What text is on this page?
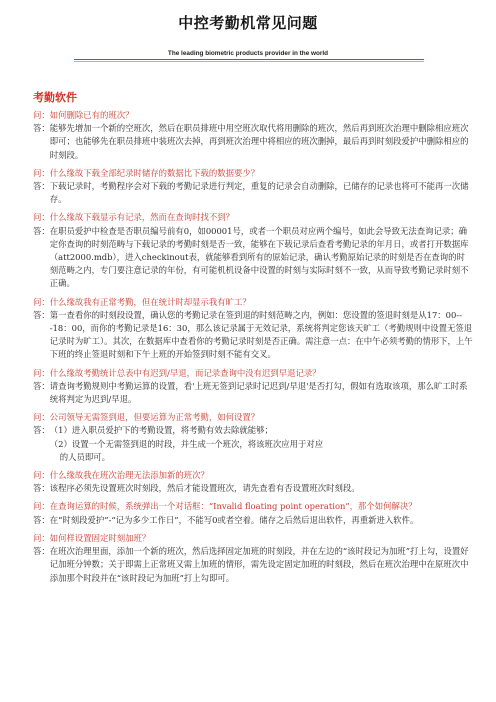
中控考勤机常见问题
The leading biometric products provider in the world
考勤软件
问： 如何删除已有的班次？
答： 能够先增加一个新的空班次，然后在职员排班中用空班次取代将用删除的班次，然后再到班次治理中删除相应班次即可；也能够先在职员排班中装班次去掉，再到班次治理中将相应的班次删掉，最后再到时刻段爱护中删除相应的时刻段。
问： 什么缘故下载全部纪录时储存的数据比下载的数据要少？
答： 下载记录时，考勤程序会对下载的考勤记录进行判定，重复的记录会自动删除，已储存的记录也将可不能再一次储存。
问： 什么缘故下载显示有记录，然而在查询时找不到？
答： 在职员爱护中检查是否职员编号前有0，如00001号，或者一个职员对应两个编号，如此会导致无法查询记录；确定你查询的时刻范畴与下载记录的考勤时刻是否一致，能够在下载记录后查看考勤记录的年月日，或者打开数据库（att2000.mdb），进入checkinout表，就能够看到所有的原始记录，确认考勤原始记录的时刻是否在查询的时刻范畴之内，专门要注意记录的年份，有可能机机设备中设置的时刻与实际时刻不一致，从而导致考勤记录时刻不正确。
问： 什么缘故我有正常考勤，但在统计时却显示我有旷工？
答： 第一查看你的时刻段设置，确认您的考勤记录在签到退的时刻范畴之内，例如：您设置的签退时刻是从17：00---18：00，而你的考勤记录是16：30，那么该记录属于无效记录，系统将判定您该天旷工（考勤规则中设置无签退记录时为旷工）。其次，在数据库中查看你的考勤记录时刻是否正确。需注意一点：在中午必须考勤的情形下，上午下班的终止签退时刻和下午上班的开始签到时刻不能有交叉。
问： 什么缘故考勤统计总表中有迟到/早退，而记录查询中没有迟到早退记录？
答： 请查询考勤规则中考勤运算的设置，看'上班无签到记录时记迟到/早退'是否打勾，假如有选取该项，那么旷工时系统将判定为迟到/早退。
问： 公司领导无需签到退，但要运算为正常考勤，如何设置？
答： （1）进入职员爱护下的考勤设置，将考勤有效去除就能够；
（2）设置一个无需签到退的时段，并生成一个班次，将该班次应用于对应
的人员即可。
问： 什么缘故我在班次治理无法添加新的班次？
答： 该程序必须先设置班次时刻段，然后才能设置班次，请先查看有否设置班次时刻段。
问： 在查询运算的时候，系统弹出一个对话框：“Invalid floating point operation”，那个如何解决？
答： 在“时刻段爱护”-“记为多少工作日”，不能写0或者空着。储存之后然后退出软件，再重新进入软件。
问： 如何样设置固定时刻加班？
答： 在班次治理里面，添加一个新的班次，然后选择固定加班的时刻段，并在左边的“该时段记为加班”打上勾，设置好记加班分钟数；关于即需上正常班又需上加班的情形，需先设定固定加班的时刻段，然后在班次治理中在原班次中添加那个时段并在“该时段记为加班”打上勾即可。
